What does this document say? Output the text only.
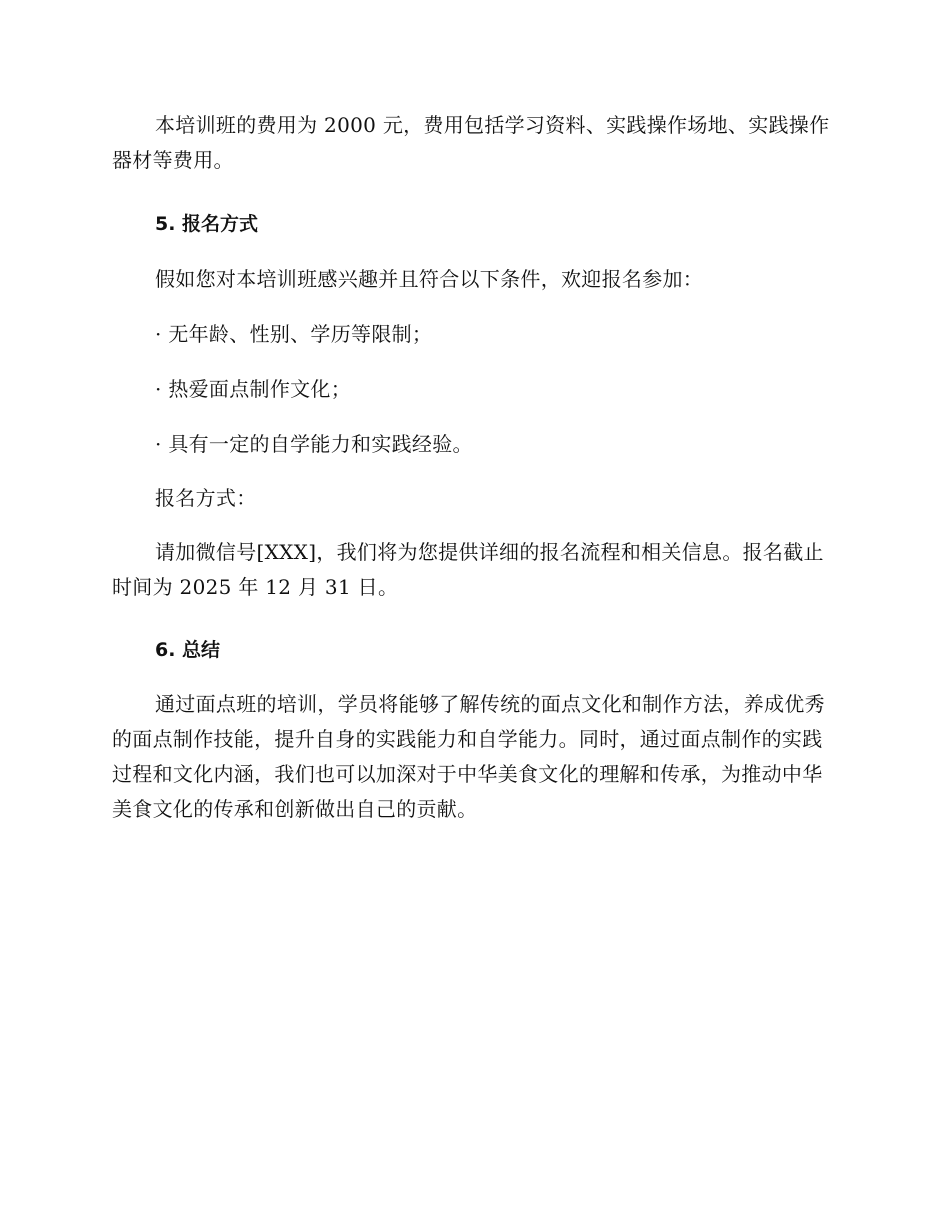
本培训班的费用为 2000 元，费用包括学习资料、实践操作场地、实践操作器材等费用。

5. 报名方式

假如您对本培训班感兴趣并且符合以下条件，欢迎报名参加：

· 无年龄、性别、学历等限制；

· 热爱面点制作文化；

· 具有一定的自学能力和实践经验。

报名方式：

请加微信号[XXX]，我们将为您提供详细的报名流程和相关信息。报名截止时间为 2025 年 12 月 31 日。

6. 总结

通过面点班的培训，学员将能够了解传统的面点文化和制作方法，养成优秀的面点制作技能，提升自身的实践能力和自学能力。同时，通过面点制作的实践过程和文化内涵，我们也可以加深对于中华美食文化的理解和传承，为推动中华美食文化的传承和创新做出自己的贡献。
